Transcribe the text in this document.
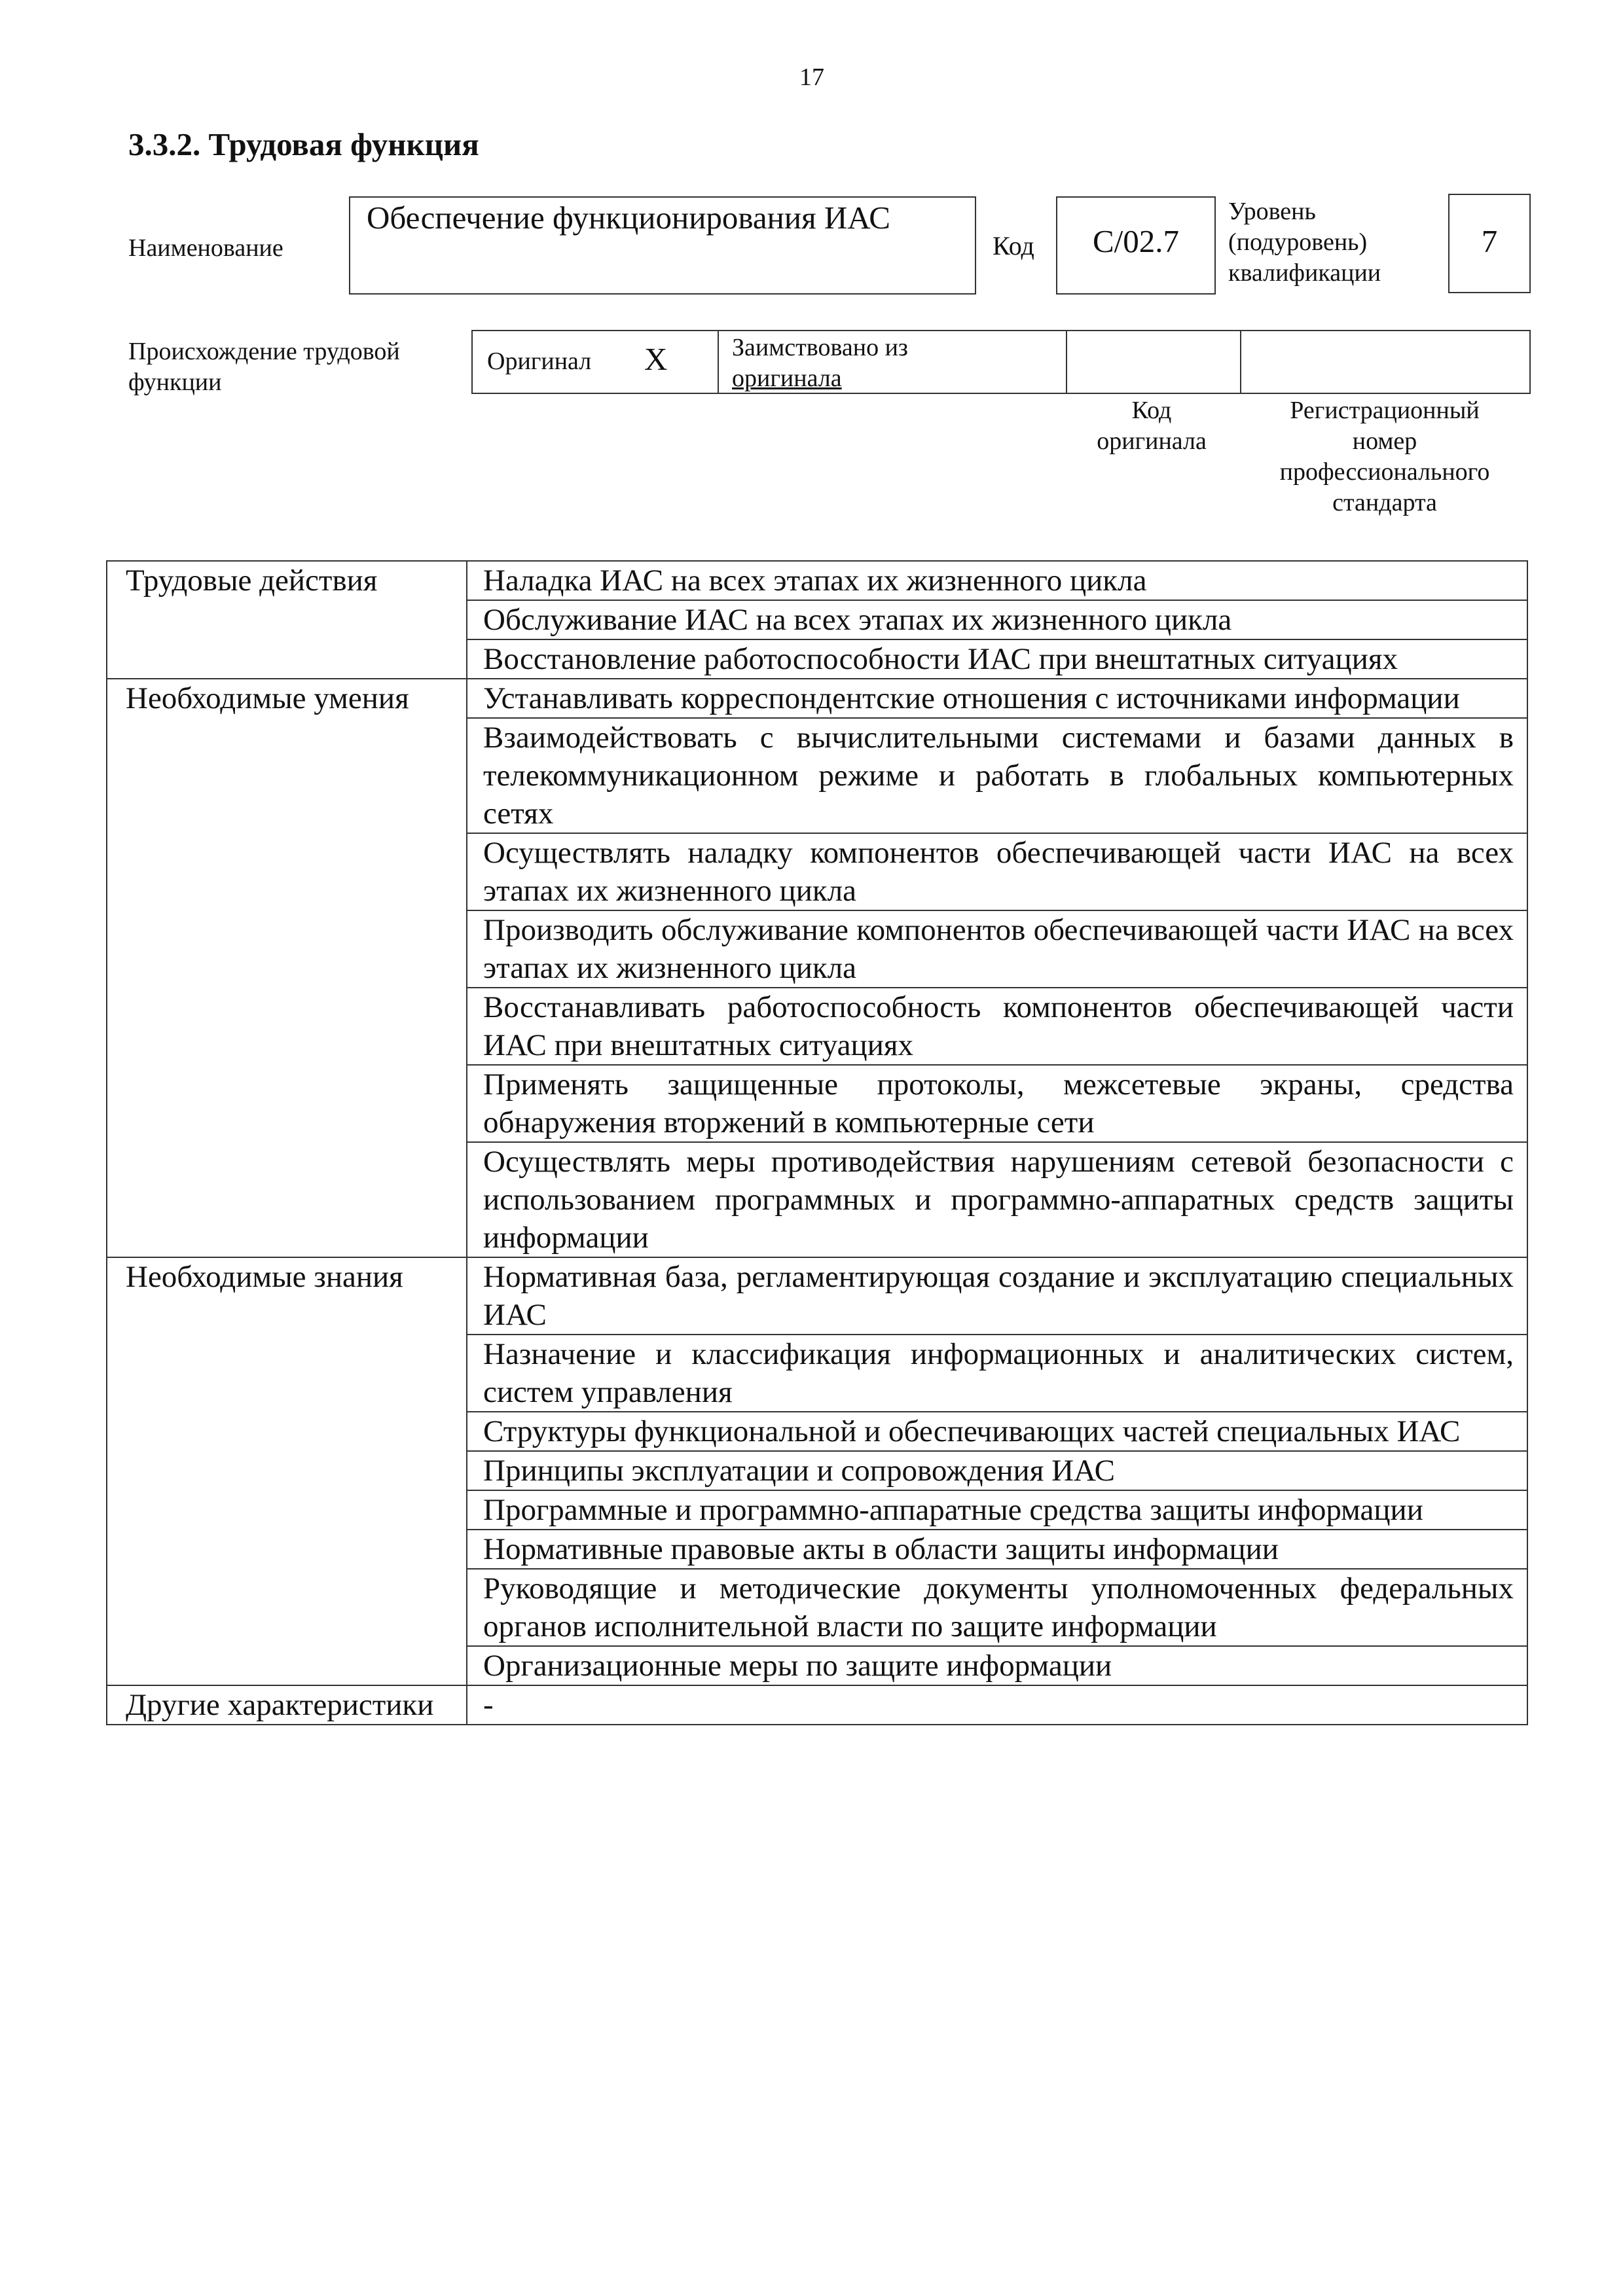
17
3.3.2. Трудовая функция
Наименование
Обеспечение функционирования ИАС
Код	C/02.7
Уровень
(подуровень)
квалификации
7
Происхождение трудовой
функции
Оригинал X	Заимствовано из
оригинала
Код
оригинала
Регистрационный
номер
профессионального
стандарта
Трудовые действия	Наладка ИАС на всех этапах их жизненного цикла
	Обслуживание ИАС на всех этапах их жизненного цикла
	Восстановление работоспособности ИАС при внештатных ситуациях
Необходимые умения	Устанавливать корреспондентские отношения с источниками информации
	Взаимодействовать с вычислительными системами и базами данных в телекоммуникационном режиме и работать в глобальных компьютерных сетях
	Осуществлять наладку компонентов обеспечивающей части ИАС на всех этапах их жизненного цикла
	Производить обслуживание компонентов обеспечивающей части ИАС на всех этапах их жизненного цикла
	Восстанавливать работоспособность компонентов обеспечивающей части ИАС при внештатных ситуациях
	Применять защищенные протоколы, межсетевые экраны, средства обнаружения вторжений в компьютерные сети
	Осуществлять меры противодействия нарушениям сетевой безопасности с использованием программных и программно-аппаратных средств защиты информации
Необходимые знания	Нормативная база, регламентирующая создание и эксплуатацию специальных ИАС
	Назначение и классификация информационных и аналитических систем, систем управления
	Структуры функциональной и обеспечивающих частей специальных ИАС
	Принципы эксплуатации и сопровождения ИАС
	Программные и программно-аппаратные средства защиты информации
	Нормативные правовые акты в области защиты информации
	Руководящие и методические документы уполномоченных федеральных органов исполнительной власти по защите информации
	Организационные меры по защите информации
Другие характеристики	-
